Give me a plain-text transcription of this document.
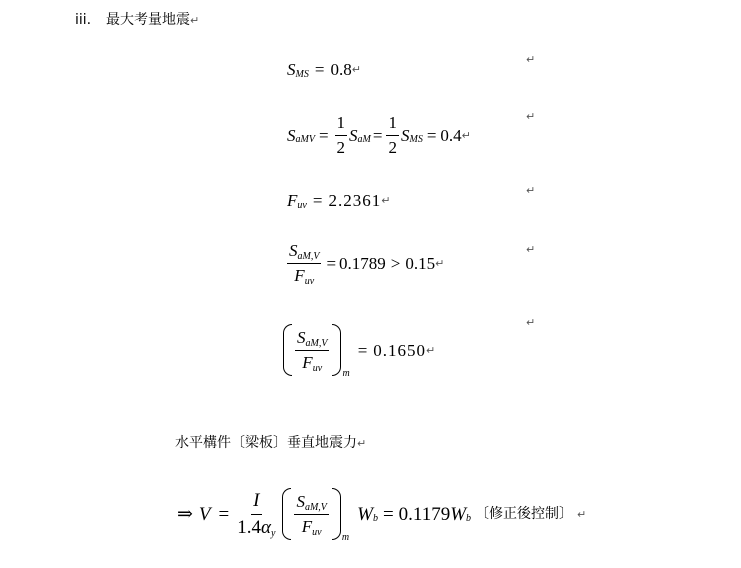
iii. 最大考量地震↵
S MS = 0.8 ↵
S aMV = $\frac{1}{2}$ S aM = $\frac{1}{2}$ S MS = 0.4 ↵
F uv = 2.2361 ↵
$\frac{\text{SaM,V}}{\text{Fuv}} = 0.1789 > 0.15$ ↵
$\frac{\text{SaM,V}}{\text{Fuv}}$
m
= 0.1650 ↵
水平構件〔梁板〕垂直地震力↵
⇒ $V = \frac{I}{1.4\alpha y} \frac{\text{SaM,V}}{\text{Fuv}}$
m
W b = 0.1179 W b 〔修正後控制〕 ↵
↵
↵
↵
↵
↵
